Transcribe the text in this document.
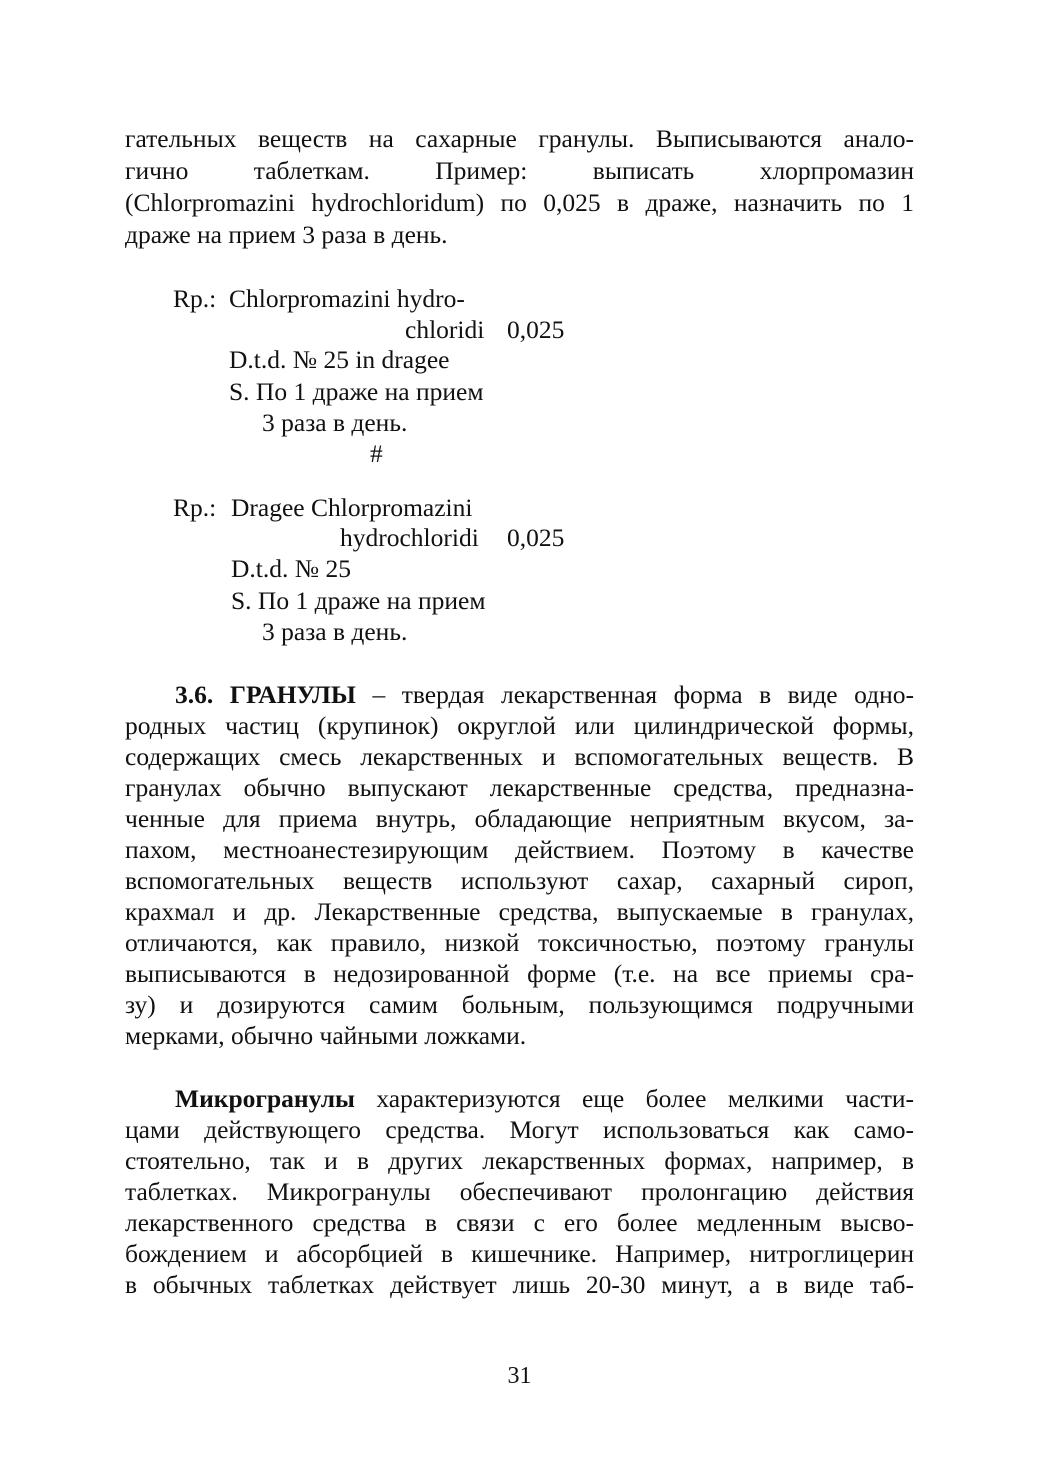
гательных веществ на сахарные гранулы. Выписываются анало-

гично таблеткам. Пример: выписать хлорпромазин

(Chlorpromazini hydrochloridum) по 0,025 в драже, назначить по 1

драже на прием 3 раза в день.

Rp.: Chlorpromazini hydro-
chloridi 0,025
D.t.d. № 25 in dragee
S. По 1 драже на прием
3 раза в день.
#
Rp.: Dragee Chlorpromazini
hydrochloridi 0,025
D.t.d. № 25
S. По 1 драже на прием
3 раза в день.

3.6. ГРАНУЛЫ – твердая лекарственная форма в виде одно-

родных частиц (крупинок) округлой или цилиндрической формы,

содержащих смесь лекарственных и вспомогательных веществ. В

гранулах обычно выпускают лекарственные средства, предназна-

ченные для приема внутрь, обладающие неприятным вкусом, за-

пахом, местноанестезирующим действием. Поэтому в качестве

вспомогательных веществ используют сахар, сахарный сироп,

крахмал и др. Лекарственные средства, выпускаемые в гранулах,

отличаются, как правило, низкой токсичностью, поэтому гранулы

выписываются в недозированной форме (т.е. на все приемы сра-

зу) и дозируются самим больным, пользующимся подручными

мерками, обычно чайными ложками.

Микрогранулы характеризуются еще более мелкими части-

цами действующего средства. Могут использоваться как само-

стоятельно, так и в других лекарственных формах, например, в

таблетках. Микрогранулы обеспечивают пролонгацию действия

лекарственного средства в связи с его более медленным высво-

бождением и абсорбцией в кишечнике. Например, нитроглицерин

в обычных таблетках действует лишь 20-30 минут, а в виде таб-

31
